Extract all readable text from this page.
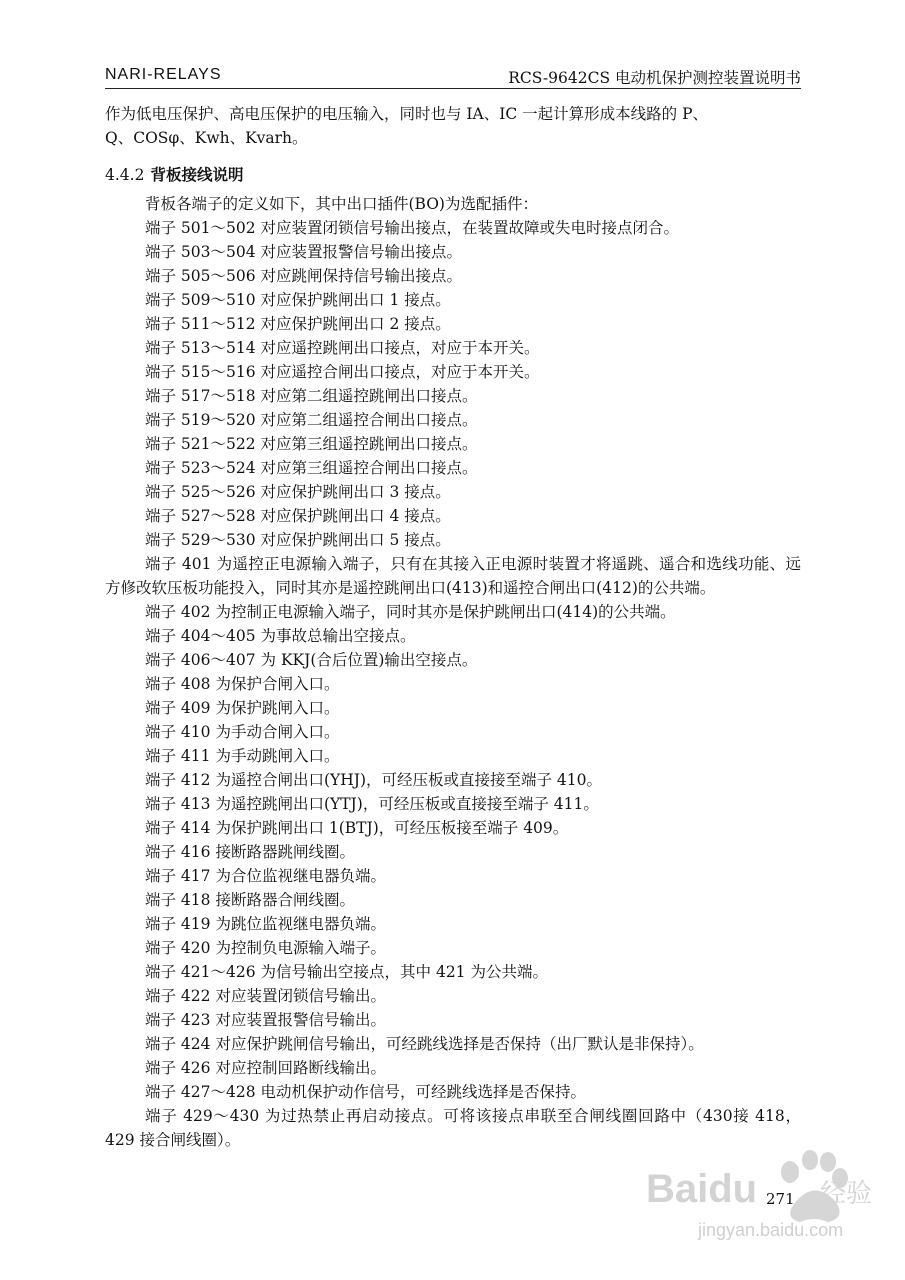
NARI-RELAYS	RCS-9642CS 电动机保护测控装置说明书

作为低电压保护、高电压保护的电压输入，同时也与 IA、IC 一起计算形成本线路的 P、

Q、COSφ、Kwh、Kvarh。

4.4.2 背板接线说明

背板各端子的定义如下，其中出口插件(BO)为选配插件：

端子 501～502 对应装置闭锁信号输出接点，在装置故障或失电时接点闭合。

端子 503～504 对应装置报警信号输出接点。

端子 505～506 对应跳闸保持信号输出接点。

端子 509～510 对应保护跳闸出口 1 接点。

端子 511～512 对应保护跳闸出口 2 接点。

端子 513～514 对应遥控跳闸出口接点，对应于本开关。

端子 515～516 对应遥控合闸出口接点，对应于本开关。

端子 517～518 对应第二组遥控跳闸出口接点。

端子 519～520 对应第二组遥控合闸出口接点。

端子 521～522 对应第三组遥控跳闸出口接点。

端子 523～524 对应第三组遥控合闸出口接点。

端子 525～526 对应保护跳闸出口 3 接点。

端子 527～528 对应保护跳闸出口 4 接点。

端子 529～530 对应保护跳闸出口 5 接点。

端子 401 为遥控正电源输入端子，只有在其接入正电源时装置才将遥跳、遥合和选线功能、远方修改软压板功能投入，同时其亦是遥控跳闸出口(413)和遥控合闸出口(412)的公共端。

端子 402 为控制正电源输入端子，同时其亦是保护跳闸出口(414)的公共端。

端子 404～405 为事故总输出空接点。

端子 406～407 为 KKJ(合后位置)输出空接点。

端子 408 为保护合闸入口。

端子 409 为保护跳闸入口。

端子 410 为手动合闸入口。

端子 411 为手动跳闸入口。

端子 412 为遥控合闸出口(YHJ)，可经压板或直接接至端子 410。

端子 413 为遥控跳闸出口(YTJ)，可经压板或直接接至端子 411。

端子 414 为保护跳闸出口 1(BTJ)，可经压板接至端子 409。

端子 416 接断路器跳闸线圈。

端子 417 为合位监视继电器负端。

端子 418 接断路器合闸线圈。

端子 419 为跳位监视继电器负端。

端子 420 为控制负电源输入端子。

端子 421～426 为信号输出空接点，其中 421 为公共端。

端子 422 对应装置闭锁信号输出。

端子 423 对应装置报警信号输出。

端子 424 对应保护跳闸信号输出，可经跳线选择是否保持（出厂默认是非保持）。

端子 426 对应控制回路断线输出。

端子 427～428 电动机保护动作信号，可经跳线选择是否保持。

端子 429～430 为过热禁止再启动接点。可将该接点串联至合闸线圈回路中（430接 418，429 接合闸线圈）。

271
Baidu 经验
jingyan.baidu.com
